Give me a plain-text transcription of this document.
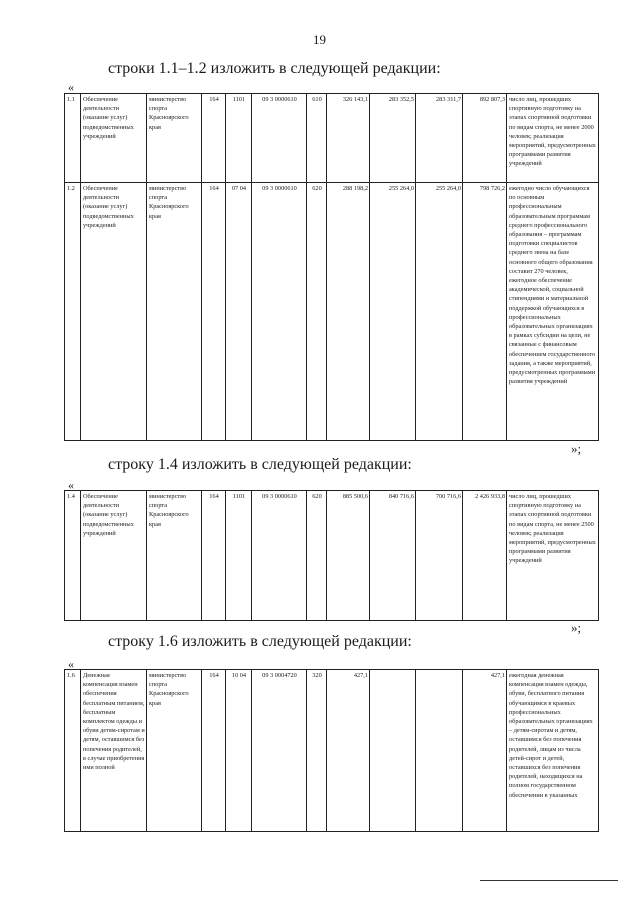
19
строки 1.1–1.2 изложить в следующей редакции:
«
1.1	Обеспечение деятельности (оказание услуг) подведомственных учреждений	министерство спорта Красноярского края	164	1101	09 3 0000610	610	326 143,1	283 352,5	283 311,7	892 807,3	число лиц, прошедших спортивную подготовку на этапах спортивной подготовки по видам спорта, не менее 2000 человек; реализация мероприятий, предусмотренных программами развития учреждений
1.2	Обеспечение деятельности (оказание услуг) подведомственных учреждений	министерство спорта Красноярского края	164	07 04	09 3 0000610	620	288 198,2	255 264,0	255 264,0	798 726,2	ежегодно число обучающихся по основным профессиональным образовательным программам среднего профессионального образования – программам подготовки специалистов среднего звена на базе основного общего образования составит 270 человек, ежегодное обеспечение академической, социальной стипендиями и материальной поддержкой обучающихся в профессиональных образовательных организациях в рамках субсидии на цели, не связанные с финансовым обеспечением государственного задания, а также мероприятий, предусмотренных программами развития учреждений
»;
строку 1.4 изложить в следующей редакции:
«
1.4	Обеспечение деятельности (оказание услуг) подведомственных учреждений	министерство спорта Красноярского края	164	1101	09 3 0000610	620	885 500,6	840 716,6	700 716,6	2 426 933,8	число лиц, прошедших спортивную подготовку на этапах спортивной подготовки по видам спорта, не менее 2500 человек; реализация мероприятий, предусмотренных программами развития учреждений
»;
строку 1.6 изложить в следующей редакции:
«
1.6	Денежная компенсация взамен обеспечения бесплатным питанием, бесплатным комплектом одежды и обуви детям-сиротам и детям, оставшимся без попечения родителей, в случае приобретения ими полной	министерство спорта Красноярского края	164	10 04	09 3 0004720	320	427,1			427,1	ежегодная денежная компенсация взамен одежды, обуви, бесплатного питания обучающимся в краевых профессиональных образовательных организациях – детям-сиротам и детям, оставшимся без попечения родителей, лицам из числа детей-сирот и детей, оставшихся без попечения родителей, находящихся на полном государственном обеспечении в указанных
